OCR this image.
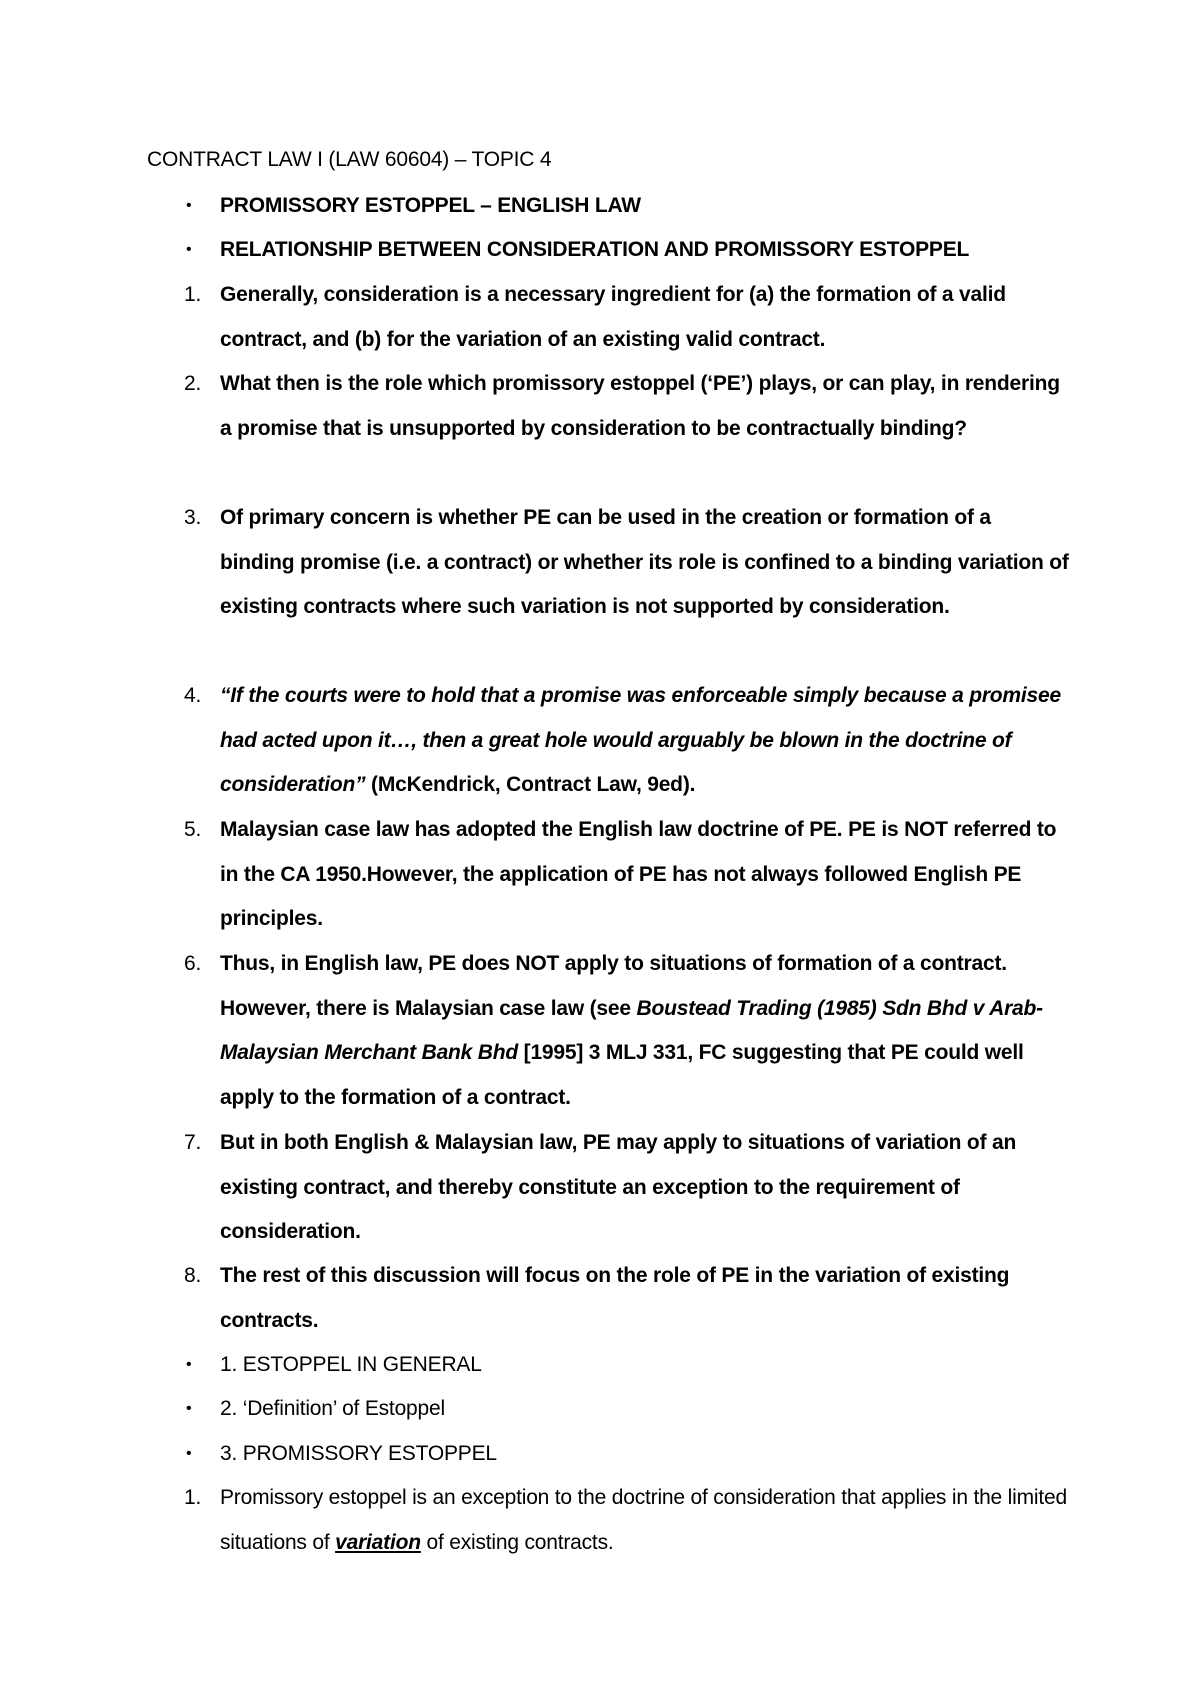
CONTRACT LAW I (LAW 60604) – TOPIC 4
•	PROMISSORY ESTOPPEL – ENGLISH LAW
•	RELATIONSHIP BETWEEN CONSIDERATION AND PROMISSORY ESTOPPEL
1. Generally, consideration is a necessary ingredient for (a) the formation of a valid contract, and (b) for the variation of an existing valid contract.
2. What then is the role which promissory estoppel (‘PE’) plays, or can play, in rendering a promise that is unsupported by consideration to be contractually binding?
3. Of primary concern is whether PE can be used in the creation or formation of a binding promise (i.e. a contract) or whether its role is confined to a binding variation of existing contracts where such variation is not supported by consideration.
4. “If the courts were to hold that a promise was enforceable simply because a promisee had acted upon it…, then a great hole would arguably be blown in the doctrine of consideration” (McKendrick, Contract Law, 9ed).
5. Malaysian case law has adopted the English law doctrine of PE. PE is NOT referred to in the CA 1950.However, the application of PE has not always followed English PE principles.
6. Thus, in English law, PE does NOT apply to situations of formation of a contract. However, there is Malaysian case law (see Boustead Trading (1985) Sdn Bhd v Arab-Malaysian Merchant Bank Bhd [1995] 3 MLJ 331, FC suggesting that PE could well apply to the formation of a contract.
7. But in both English & Malaysian law, PE may apply to situations of variation of an existing contract, and thereby constitute an exception to the requirement of consideration.
8. The rest of this discussion will focus on the role of PE in the variation of existing contracts.
•	1. ESTOPPEL IN GENERAL
•	2. ‘Definition’ of Estoppel
•	3. PROMISSORY ESTOPPEL
1. Promissory estoppel is an exception to the doctrine of consideration that applies in the limited situations of variation of existing contracts.
